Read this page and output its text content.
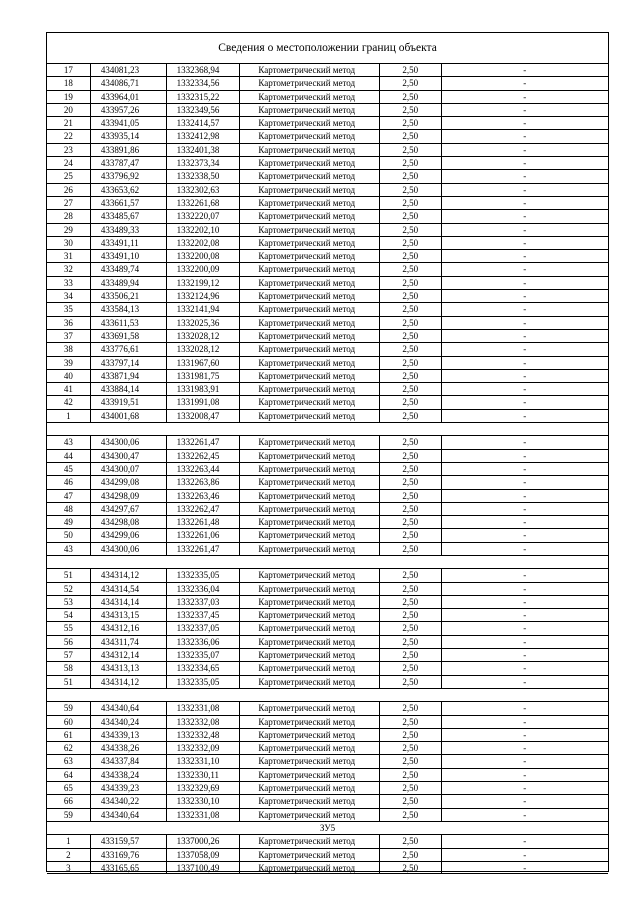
Сведения о местоположении границ объекта
17	434081,23	1332368,94	Картометрический метод	2,50	-
18	434086,71	1332334,56	Картометрический метод	2,50	-
19	433964,01	1332315,22	Картометрический метод	2,50	-
20	433957,26	1332349,56	Картометрический метод	2,50	-
21	433941,05	1332414,57	Картометрический метод	2,50	-
22	433935,14	1332412,98	Картометрический метод	2,50	-
23	433891,86	1332401,38	Картометрический метод	2,50	-
24	433787,47	1332373,34	Картометрический метод	2,50	-
25	433796,92	1332338,50	Картометрический метод	2,50	-
26	433653,62	1332302,63	Картометрический метод	2,50	-
27	433661,57	1332261,68	Картометрический метод	2,50	-
28	433485,67	1332220,07	Картометрический метод	2,50	-
29	433489,33	1332202,10	Картометрический метод	2,50	-
30	433491,11	1332202,08	Картометрический метод	2,50	-
31	433491,10	1332200,08	Картометрический метод	2,50	-
32	433489,74	1332200,09	Картометрический метод	2,50	-
33	433489,94	1332199,12	Картометрический метод	2,50	-
34	433506,21	1332124,96	Картометрический метод	2,50	-
35	433584,13	1332141,94	Картометрический метод	2,50	-
36	433611,53	1332025,36	Картометрический метод	2,50	-
37	433691,58	1332028,12	Картометрический метод	2,50	-
38	433776,61	1332028,12	Картометрический метод	2,50	-
39	433797,14	1331967,60	Картометрический метод	2,50	-
40	433871,94	1331981,75	Картометрический метод	2,50	-
41	433884,14	1331983,91	Картометрический метод	2,50	-
42	433919,51	1331991,08	Картометрический метод	2,50	-
1	434001,68	1332008,47	Картометрический метод	2,50	-
43	434300,06	1332261,47	Картометрический метод	2,50	-
44	434300,47	1332262,45	Картометрический метод	2,50	-
45	434300,07	1332263,44	Картометрический метод	2,50	-
46	434299,08	1332263,86	Картометрический метод	2,50	-
47	434298,09	1332263,46	Картометрический метод	2,50	-
48	434297,67	1332262,47	Картометрический метод	2,50	-
49	434298,08	1332261,48	Картометрический метод	2,50	-
50	434299,06	1332261,06	Картометрический метод	2,50	-
43	434300,06	1332261,47	Картометрический метод	2,50	-
51	434314,12	1332335,05	Картометрический метод	2,50	-
52	434314,54	1332336,04	Картометрический метод	2,50	-
53	434314,14	1332337,03	Картометрический метод	2,50	-
54	434313,15	1332337,45	Картометрический метод	2,50	-
55	434312,16	1332337,05	Картометрический метод	2,50	-
56	434311,74	1332336,06	Картометрический метод	2,50	-
57	434312,14	1332335,07	Картометрический метод	2,50	-
58	434313,13	1332334,65	Картометрический метод	2,50	-
51	434314,12	1332335,05	Картометрический метод	2,50	-
59	434340,64	1332331,08	Картометрический метод	2,50	-
60	434340,24	1332332,08	Картометрический метод	2,50	-
61	434339,13	1332332,48	Картометрический метод	2,50	-
62	434338,26	1332332,09	Картометрический метод	2,50	-
63	434337,84	1332331,10	Картометрический метод	2,50	-
64	434338,24	1332330,11	Картометрический метод	2,50	-
65	434339,23	1332329,69	Картометрический метод	2,50	-
66	434340,22	1332330,10	Картометрический метод	2,50	-
59	434340,64	1332331,08	Картометрический метод	2,50	-
ЗУ5
1	433159,57	1337000,26	Картометрический метод	2,50	-
2	433169,76	1337058,09	Картометрический метод	2,50	-
3	433165,65	1337100,49	Картометрический метод	2,50	-
